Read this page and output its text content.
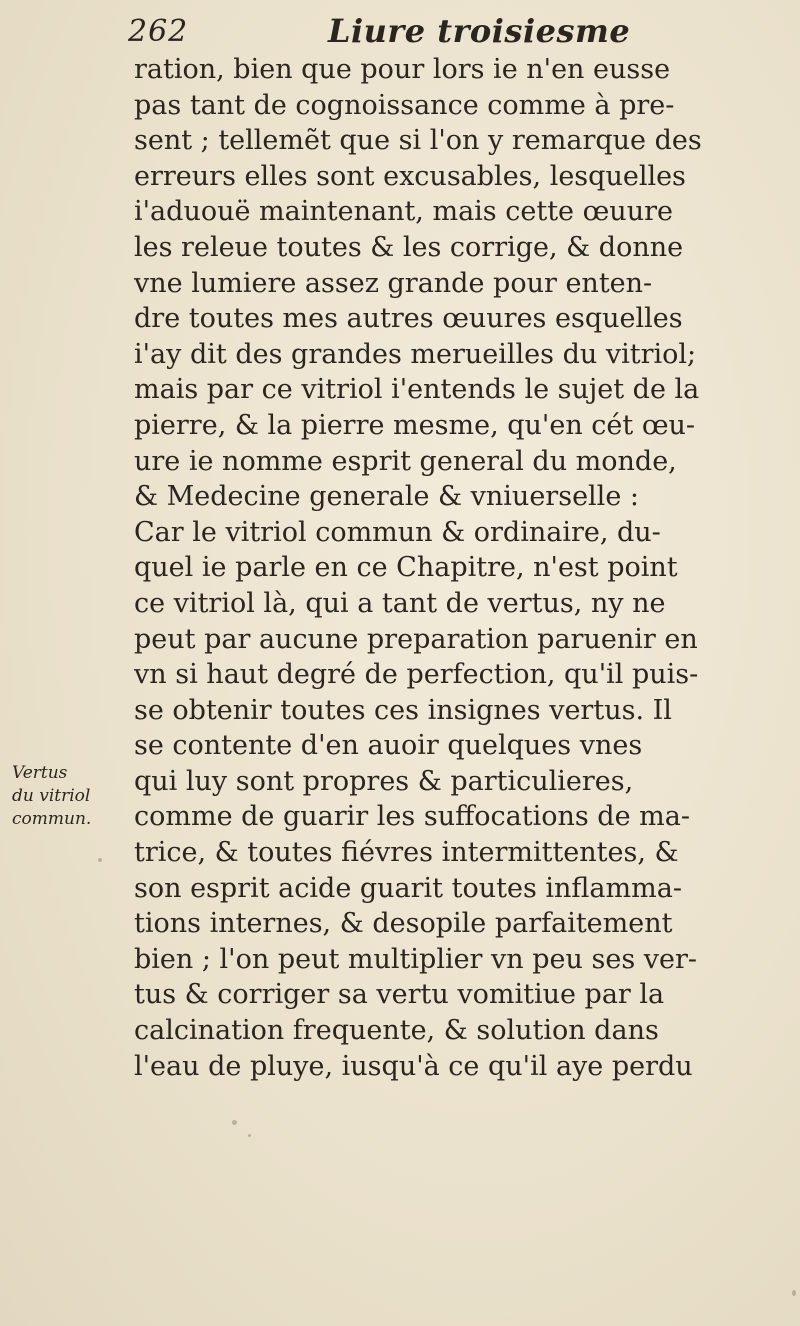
262	Liure troisiesme
Vertus
du vitriol
commun.
ration, bien que pour lors ie n'en eusse
pas tant de cognoissance comme à pre-
sent ; tellemẽt que si l'on y remarque des
erreurs elles sont excusables, lesquelles
i'aduouë maintenant, mais cette œuure
les releue toutes & les corrige, & donne
vne lumiere assez grande pour enten-
dre toutes mes autres œuures esquelles
i'ay dit des grandes merueilles du vitriol;
mais par ce vitriol i'entends le sujet de la
pierre, & la pierre mesme, qu'en cét œu-
ure ie nomme esprit general du monde,
& Medecine generale & vniuerselle :
Car le vitriol commun & ordinaire, du-
quel ie parle en ce Chapitre, n'est point
ce vitriol là, qui a tant de vertus, ny ne
peut par aucune preparation paruenir en
vn si haut degré de perfection, qu'il puis-
se obtenir toutes ces insignes vertus. Il
se contente d'en auoir quelques vnes
qui luy sont propres & particulieres,
comme de guarir les suffocations de ma-
trice, & toutes fiévres intermittentes, &
son esprit acide guarit toutes inflamma-
tions internes, & desopile parfaitement
bien ; l'on peut multiplier vn peu ses ver-
tus & corriger sa vertu vomitiue par la
calcination frequente, & solution dans
l'eau de pluye, iusqu'à ce qu'il aye perdu
